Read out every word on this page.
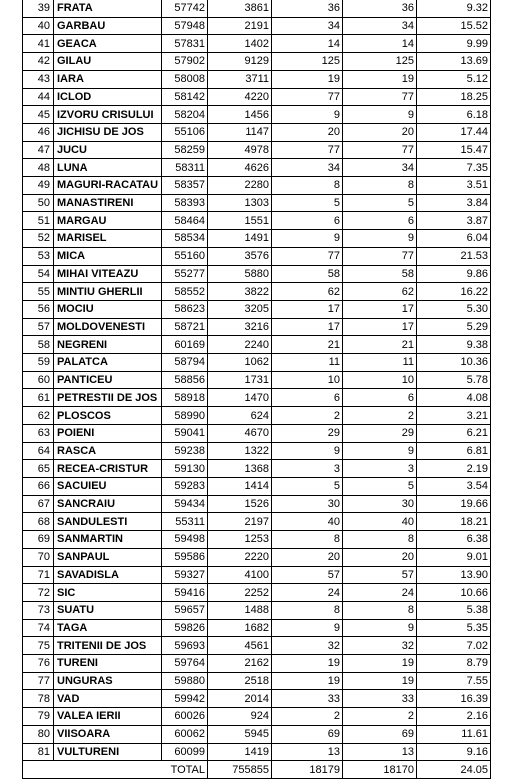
39	FRATA	57742	3861	36	36	9.32
40	GARBAU	57948	2191	34	34	15.52
41	GEACA	57831	1402	14	14	9.99
42	GILAU	57902	9129	125	125	13.69
43	IARA	58008	3711	19	19	5.12
44	ICLOD	58142	4220	77	77	18.25
45	IZVORU CRISULUI	58204	1456	9	9	6.18
46	JICHISU DE JOS	55106	1147	20	20	17.44
47	JUCU	58259	4978	77	77	15.47
48	LUNA	58311	4626	34	34	7.35
49	MAGURI-RACATAU	58357	2280	8	8	3.51
50	MANASTIRENI	58393	1303	5	5	3.84
51	MARGAU	58464	1551	6	6	3.87
52	MARISEL	58534	1491	9	9	6.04
53	MICA	55160	3576	77	77	21.53
54	MIHAI VITEAZU	55277	5880	58	58	9.86
55	MINTIU GHERLII	58552	3822	62	62	16.22
56	MOCIU	58623	3205	17	17	5.30
57	MOLDOVENESTI	58721	3216	17	17	5.29
58	NEGRENI	60169	2240	21	21	9.38
59	PALATCA	58794	1062	11	11	10.36
60	PANTICEU	58856	1731	10	10	5.78
61	PETRESTII DE JOS	58918	1470	6	6	4.08
62	PLOSCOS	58990	624	2	2	3.21
63	POIENI	59041	4670	29	29	6.21
64	RASCA	59238	1322	9	9	6.81
65	RECEA-CRISTUR	59130	1368	3	3	2.19
66	SACUIEU	59283	1414	5	5	3.54
67	SANCRAIU	59434	1526	30	30	19.66
68	SANDULESTI	55311	2197	40	40	18.21
69	SANMARTIN	59498	1253	8	8	6.38
70	SANPAUL	59586	2220	20	20	9.01
71	SAVADISLA	59327	4100	57	57	13.90
72	SIC	59416	2252	24	24	10.66
73	SUATU	59657	1488	8	8	5.38
74	TAGA	59826	1682	9	9	5.35
75	TRITENII DE JOS	59693	4561	32	32	7.02
76	TURENI	59764	2162	19	19	8.79
77	UNGURAS	59880	2518	19	19	7.55
78	VAD	59942	2014	33	33	16.39
79	VALEA IERII	60026	924	2	2	2.16
80	VIISOARA	60062	5945	69	69	11.61
81	VULTURENI	60099	1419	13	13	9.16
TOTAL			755855	18179	18170	24.05
